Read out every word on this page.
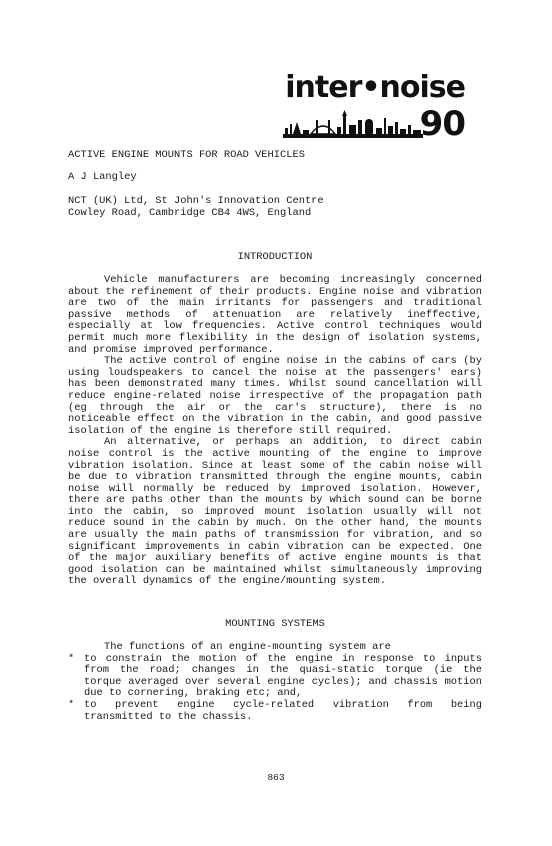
inter•noise
90
ACTIVE ENGINE MOUNTS FOR ROAD VEHICLES
A J Langley
NCT (UK) Ltd, St John's Innovation Centre
Cowley Road, Cambridge CB4 4WS, England
INTRODUCTION

Vehicle manufacturers are becoming increasingly concerned about the refinement of their products. Engine noise and vibration are two of the main irritants for passengers and traditional passive methods of attenuation are relatively ineffective, especially at low frequencies. Active control techniques would permit much more flexibility in the design of isolation systems, and promise improved performance.

The active control of engine noise in the cabins of cars (by using loudspeakers to cancel the noise at the passengers' ears) has been demonstrated many times. Whilst sound cancellation will reduce engine-related noise irrespective of the propagation path (eg through the air or the car's structure), there is no noticeable effect on the vibration in the cabin, and good passive isolation of the engine is therefore still required.

An alternative, or perhaps an addition, to direct cabin noise control is the active mounting of the engine to improve vibration isolation. Since at least some of the cabin noise will be due to vibration transmitted through the engine mounts, cabin noise will normally be reduced by improved isolation. However, there are paths other than the mounts by which sound can be borne into the cabin, so improved mount isolation usually will not reduce sound in the cabin by much. On the other hand, the mounts are usually the main paths of transmission for vibration, and so significant improvements in cabin vibration can be expected. One of the major auxiliary benefits of active engine mounts is that good isolation can be maintained whilst simultaneously improving the overall dynamics of the engine/mounting system.

MOUNTING SYSTEMS

The functions of an engine-mounting system are

* to constrain the motion of the engine in response to inputs from the road; changes in the quasi-static torque (ie the torque averaged over several engine cycles); and chassis motion due to cornering, braking etc; and,
* to prevent engine cycle-related vibration from being transmitted to the chassis.
863
